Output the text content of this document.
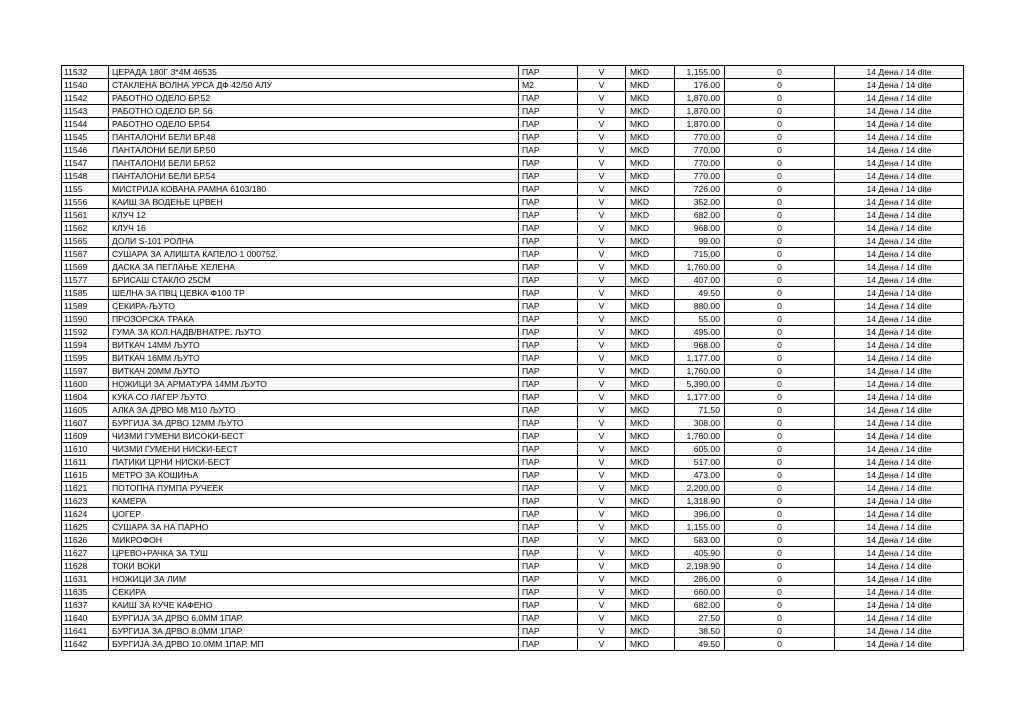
11532	ЦЕРАДА 180Г 3*4М 46535	ПАР	V	MKD	1,155.00	0	14 Дена / 14 dite
11540	СТАКЛЕНА ВОЛНА УРСА ДФ 42/50 АЛУ	M2	V	MKD	176.00	0	14 Дена / 14 dite
11542	РАБОТНО ОДЕЛО БР.52	ПАР	V	MKD	1,870.00	0	14 Дена / 14 dite
11543	РАБОТНО ОДЕЛО БР. 56	ПАР	V	MKD	1,870.00	0	14 Дена / 14 dite
11544	РАБОТНО ОДЕЛО БР.54	ПАР	V	MKD	1,870.00	0	14 Дена / 14 dite
11545	ПАНТАЛОНИ БЕЛИ БР.48	ПАР	V	MKD	770.00	0	14 Дена / 14 dite
11546	ПАНТАЛОНИ БЕЛИ БР.50	ПАР	V	MKD	770.00	0	14 Дена / 14 dite
11547	ПАНТАЛОНИ БЕЛИ БР.52	ПАР	V	MKD	770.00	0	14 Дена / 14 dite
11548	ПАНТАЛОНИ БЕЛИ БР.54	ПАР	V	MKD	770.00	0	14 Дена / 14 dite
1155	МИСТРИЈА КОВАНА РАМНА 6103/180	ПАР	V	MKD	726.00	0	14 Дена / 14 dite
11556	КАИШ ЗА ВОДЕЊЕ ЦРВЕН	ПАР	V	MKD	352.00	0	14 Дена / 14 dite
11561	КЛУЧ 12	ПАР	V	MKD	682.00	0	14 Дена / 14 dite
11562	КЛУЧ 16	ПАР	V	MKD	968.00	0	14 Дена / 14 dite
11565	ДОЛИ S-101 РОЛНА	ПАР	V	MKD	99.00	0	14 Дена / 14 dite
11567	СУШАРА ЗА АЛИШТА КАПЕЛО 1 000752.	ПАР	V	MKD	715.00	0	14 Дена / 14 dite
11569	ДАСКА ЗА ПЕГЛАЊЕ ХЕЛЕНА	ПАР	V	MKD	1,760.00	0	14 Дена / 14 dite
11577	БРИСАШ СТАКЛО 25СМ	ПАР	V	MKD	407.00	0	14 Дена / 14 dite
11585	ШЕЛНА ЗА ПВЦ ЦЕВКА Ф100 ТР	ПАР	V	MKD	49.50	0	14 Дена / 14 dite
11589	СЕКИРА-ЉУТО	ПАР	V	MKD	880.00	0	14 Дена / 14 dite
11590	ПРОЗОРСКА ТРАКА	ПАР	V	MKD	55.00	0	14 Дена / 14 dite
11592	ГУМА ЗА КОЛ.НАДВ/ВНАТРЕ. ЉУТО	ПАР	V	MKD	495.00	0	14 Дена / 14 dite
11594	ВИТКАЧ 14ММ ЉУТО	ПАР	V	MKD	968.00	0	14 Дена / 14 dite
11595	ВИТКАЧ 16ММ ЉУТО	ПАР	V	MKD	1,177.00	0	14 Дена / 14 dite
11597	ВИТКАЧ 20ММ ЉУТО	ПАР	V	MKD	1,760.00	0	14 Дена / 14 dite
11600	НОЖИЦИ ЗА АРМАТУРА 14ММ ЉУТО	ПАР	V	MKD	5,390.00	0	14 Дена / 14 dite
11604	КУКА СО ЛАГЕР ЉУТО	ПАР	V	MKD	1,177.00	0	14 Дена / 14 dite
11605	АЛКА ЗА ДРВО М8 М10 ЉУТО	ПАР	V	MKD	71.50	0	14 Дена / 14 dite
11607	БУРГИЈА ЗА ДРВО 12ММ ЉУТО	ПАР	V	MKD	308.00	0	14 Дена / 14 dite
11609	ЧИЗМИ ГУМЕНИ ВИСОКИ-БЕСТ	ПАР	V	MKD	1,760.00	0	14 Дена / 14 dite
11610	ЧИЗМИ ГУМЕНИ НИСКИ-БЕСТ	ПАР	V	MKD	605.00	0	14 Дена / 14 dite
11611	ПАТИКИ ЦРНИ НИСКИ-БЕСТ	ПАР	V	MKD	517.00	0	14 Дена / 14 dite
11615	МЕТРО ЗА ЌОШИЊА	ПАР	V	MKD	473.00	0	14 Дена / 14 dite
11621	ПОТОПНА ПУМПА РУЧЕЕК	ПАР	V	MKD	2,200.00	0	14 Дена / 14 dite
11623	КАМЕРА	ПАР	V	MKD	1,318.90	0	14 Дена / 14 dite
11624	ЏОГЕР	ПАР	V	MKD	396.00	0	14 Дена / 14 dite
11625	СУШАРА ЗА НА ПАРНО	ПАР	V	MKD	1,155.00	0	14 Дена / 14 dite
11626	МИКРОФОН	ПАР	V	MKD	583.00	0	14 Дена / 14 dite
11627	ЦРЕВО+РАЧКА ЗА ТУШ	ПАР	V	MKD	405.90	0	14 Дена / 14 dite
11628	ТОКИ ВОКИ	ПАР	V	MKD	2,198.90	0	14 Дена / 14 dite
11631	НОЖИЦИ ЗА ЛИМ	ПАР	V	MKD	286.00	0	14 Дена / 14 dite
11635	СЕКИРА	ПАР	V	MKD	660.00	0	14 Дена / 14 dite
11637	КАИШ ЗА КУЧЕ КАФЕНО	ПАР	V	MKD	682.00	0	14 Дена / 14 dite
11640	БУРГИЈА ЗА ДРВО 6.0ММ 1ПАР.	ПАР	V	MKD	27.50	0	14 Дена / 14 dite
11641	БУРГИЈА ЗА ДРВО 8.0ММ 1ПАР.	ПАР	V	MKD	38.50	0	14 Дена / 14 dite
11642	БУРГИЈА ЗА ДРВО 10.0ММ 1ПАР. МП	ПАР	V	MKD	49.50	0	14 Дена / 14 dite
